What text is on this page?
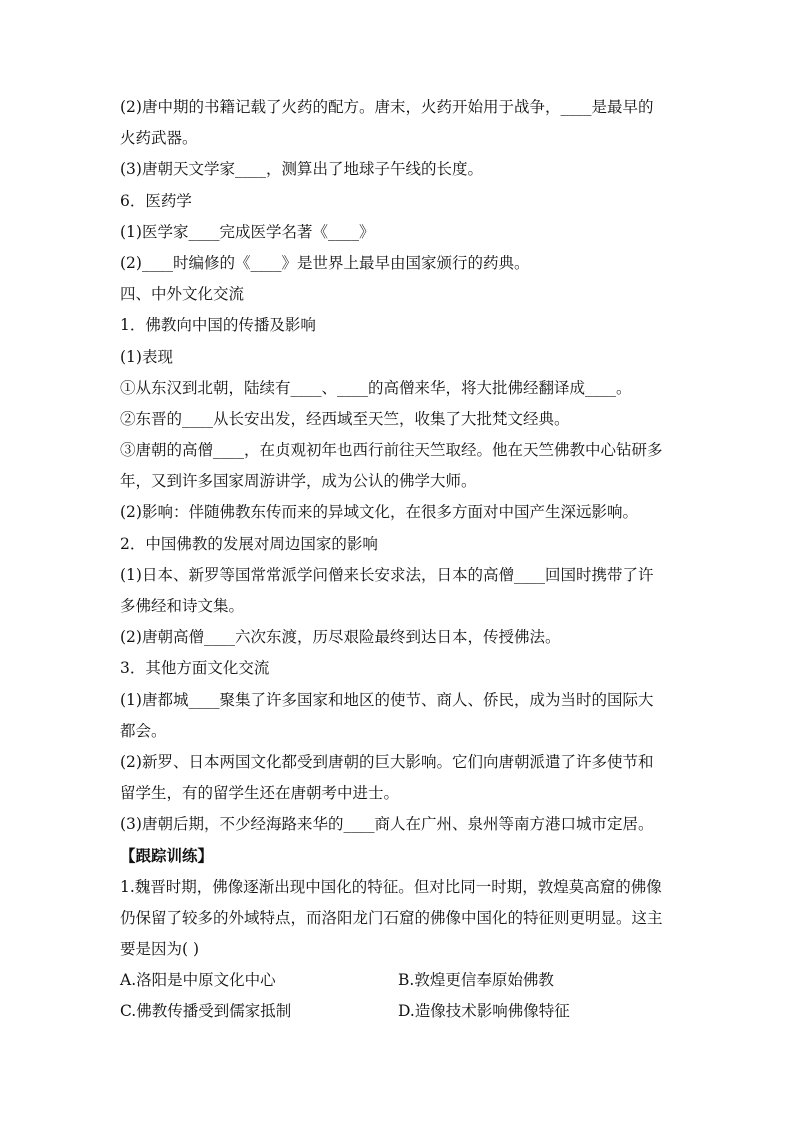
(2)唐中期的书籍记载了火药的配方。唐末，火药开始用于战争，____是最早的
火药武器。
(3)唐朝天文学家____，测算出了地球子午线的长度。
6．医药学
(1)医学家____完成医学名著《____》
(2)____时编修的《____》是世界上最早由国家颁行的药典。
四、中外文化交流
1．佛教向中国的传播及影响
(1)表现
①从东汉到北朝，陆续有____、____的高僧来华，将大批佛经翻译成____。
②东晋的____从长安出发，经西域至天竺，收集了大批梵文经典。
③唐朝的高僧____，在贞观初年也西行前往天竺取经。他在天竺佛教中心钻研多
年，又到许多国家周游讲学，成为公认的佛学大师。
(2)影响：伴随佛教东传而来的异域文化，在很多方面对中国产生深远影响。
2．中国佛教的发展对周边国家的影响
(1)日本、新罗等国常常派学问僧来长安求法，日本的高僧____回国时携带了许
多佛经和诗文集。
(2)唐朝高僧____六次东渡，历尽艰险最终到达日本，传授佛法。
3．其他方面文化交流
(1)唐都城____聚集了许多国家和地区的使节、商人、侨民，成为当时的国际大
都会。
(2)新罗、日本两国文化都受到唐朝的巨大影响。它们向唐朝派遣了许多使节和
留学生，有的留学生还在唐朝考中进士。
(3)唐朝后期，不少经海路来华的____商人在广州、泉州等南方港口城市定居。
【跟踪训练】
1.魏晋时期，佛像逐渐出现中国化的特征。但对比同一时期，敦煌莫高窟的佛像
仍保留了较多的外域特点，而洛阳龙门石窟的佛像中国化的特征则更明显。这主
要是因为( )
A.洛阳是中原文化中心	B.敦煌更信奉原始佛教
C.佛教传播受到儒家抵制	D.造像技术影响佛像特征
